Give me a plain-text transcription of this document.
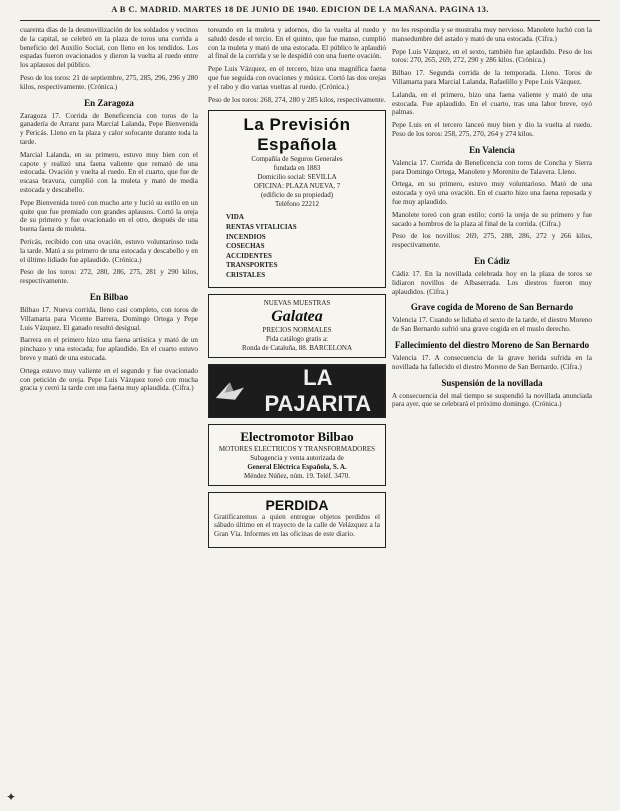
A B C. MADRID. MARTES 18 DE JUNIO DE 1940. EDICION DE LA MAÑANA. PAGINA 13.

cuarenta días de la desmovilización de los soldados y vecinos de la capital, se celebró en la plaza de toros una corrida a beneficio del Auxilio Social, con lleno en los tendidos. Los espadas fueron ovacionados y dieron la vuelta al ruedo entre los aplausos del público.

Peso de los toros: 21 de septiembre, 275, 285, 296, 296 y 280 kilos, respectivamente. (Crónica.)

En Zaragoza

Zaragoza 17. Corrida de Beneficencia con toros de la ganadería de Arranz para Marcial Lalanda, Pepe Bienvenida y Pericás. Lleno en la plaza y calor sofocante durante toda la tarde.

Marcial Lalanda, en su primero, estuvo muy bien con el capote y realizó una faena valiente que remató de una estocada. Ovación y vuelta al ruedo. En el cuarto, que fue de escasa bravura, cumplió con la muleta y mató de media estocada y descabello.

Pepe Bienvenida toreó con mucho arte y lució su estilo en un quite que fue premiado con grandes aplausos. Cortó la oreja de su primero y fue ovacionado en el otro, después de una buena faena de muleta.

Pericás, recibido con una ovación, estuvo voluntarioso toda la tarde. Mató a su primero de una estocada y descabello y en el último lidiado fue aplaudido. (Crónica.)

Peso de los toros: 272, 280, 286, 275, 281 y 290 kilos, respectivamente.

En Bilbao

Bilbao 17. Nueva corrida, lleno casi completo, con toros de Villamarta para Vicente Barrera, Domingo Ortega y Pepe Luis Vázquez. El ganado resultó desigual.

Barrera en el primero hizo una faena artística y mató de un pinchazo y una estocada; fue aplaudido. En el cuarto estuvo breve y mató de una estocada.

Ortega estuvo muy valiente en el segundo y fue ovacionado con petición de oreja. Pepe Luis Vázquez toreó con mucha gracia y cerró la tarde con una faena muy aplaudida. (Cifra.)

toreando en la muleta y adornos, dio la vuelta al ruedo y saludó desde el tercio. En el quinto, que fue manso, cumplió con la muleta y mató de una estocada. El público le aplaudió al final de la corrida y se le despidió con una fuerte ovación.

Pepe Luis Vázquez, en el tercero, hizo una magnífica faena que fue seguida con ovaciones y música. Cortó las dos orejas y el rabo y dio varias vueltas al ruedo. (Crónica.)

Peso de los toros: 268, 274, 280 y 285 kilos, respectivamente.

La Previsión Española
Compañía de Seguros Generales
fundada en 1883
Domicilio social: SEVILLA
OFICINA: PLAZA NUEVA, 7
(edificio de su propiedad)
Teléfono 22212
VIDA
RENTAS VITALICIAS
INCENDIOS
COSECHAS
ACCIDENTES
TRANSPORTES
CRISTALES
NUEVAS MUESTRAS
Galatea
PRECIOS NORMALES
Pida catálogo gratis a:
Ronda de Cataluña, 88. BARCELONA
LA PAJARITA
Electromotor Bilbao
MOTORES ELECTRICOS Y TRANSFORMADORES
Subagencia y venta autorizada de
General Eléctrica Española, S. A.
Méndez Núñez, núm. 19. Teléf. 3470.
PERDIDA
Gratificaremos a quien entregue objetos perdidos el sábado último en el trayecto de la calle de Velázquez a la Gran Vía. Informes en las oficinas de este diario.

no les respondía y se mostraba muy nervioso. Manolete luchó con la mansedumbre del astado y mató de una estocada. (Cifra.)

Pepe Luis Vázquez, en el sexto, también fue aplaudido. Peso de los toros: 270, 265, 269, 272, 290 y 286 kilos. (Crónica.)

Bilbao 17. Segunda corrida de la temporada. Lleno. Toros de Villamarta para Marcial Lalanda, Rafaelillo y Pepe Luis Vázquez.

Lalanda, en el primero, hizo una faena valiente y mató de una estocada. Fue aplaudido. En el cuarto, tras una labor breve, oyó palmas.

Pepe Luis en el tercero lanceó muy bien y dio la vuelta al ruedo. Peso de los toros: 258, 275, 270, 264 y 274 kilos.

En Valencia

Valencia 17. Corrida de Beneficencia con toros de Concha y Sierra para Domingo Ortega, Manolete y Morenito de Talavera. Lleno.

Ortega, en su primero, estuvo muy voluntarioso. Mató de una estocada y oyó una ovación. En el cuarto hizo una faena reposada y fue muy aplaudido.

Manolete toreó con gran estilo; cortó la oreja de su primero y fue sacado a hombros de la plaza al final de la corrida. (Cifra.)

Peso de los novillos: 269, 275, 288, 286, 272 y 266 kilos, respectivamente.

En Cádiz

Cádiz 17. En la novillada celebrada hoy en la plaza de toros se lidiaron novillos de Albaserrada. Los diestros fueron muy aplaudidos. (Cifra.)

Grave cogida de Moreno de San Bernardo

Valencia 17. Cuando se lidiaba el sexto de la tarde, el diestro Moreno de San Bernardo sufrió una grave cogida en el muslo derecho.

Fallecimiento del diestro Moreno de San Bernardo

Valencia 17. A consecuencia de la grave herida sufrida en la novillada ha fallecido el diestro Moreno de San Bernardo. (Cifra.)

Suspensión de la novillada

A consecuencia del mal tiempo se suspendió la novillada anunciada para ayer, que se celebrará el próximo domingo. (Crónica.)

✦
